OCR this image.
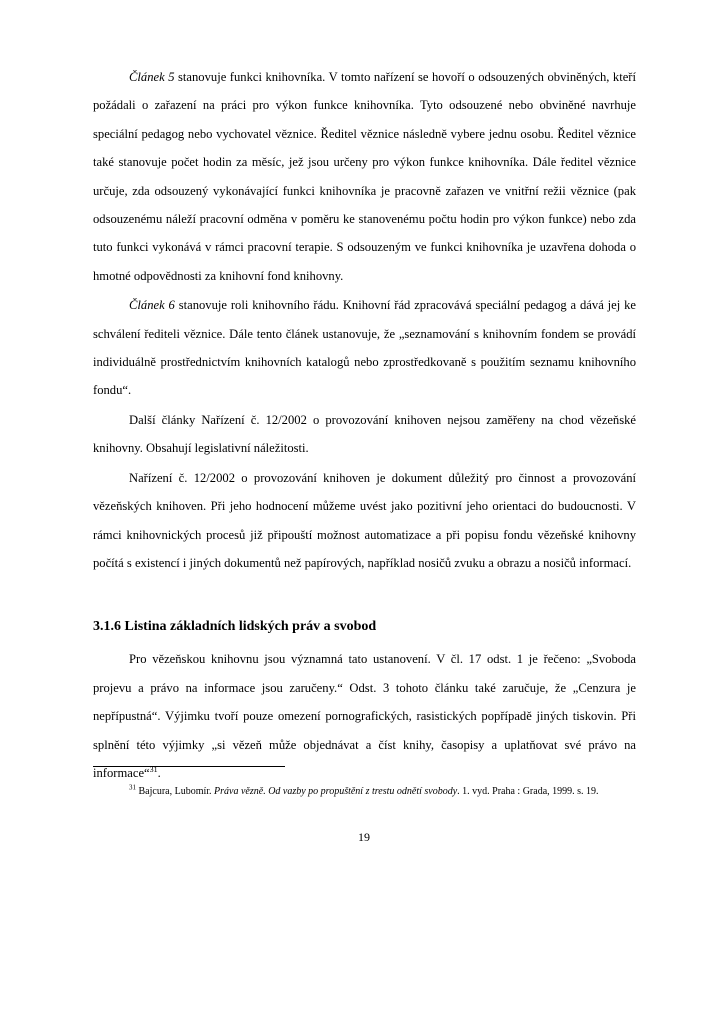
Článek 5 stanovuje funkci knihovníka. V tomto nařízení se hovoří o odsouzených obviněných, kteří požádali o zařazení na práci pro výkon funkce knihovníka. Tyto odsouzené nebo obviněné navrhuje speciální pedagog nebo vychovatel věznice. Ředitel věznice následně vybere jednu osobu. Ředitel věznice také stanovuje počet hodin za měsíc, jež jsou určeny pro výkon funkce knihovníka. Dále ředitel věznice určuje, zda odsouzený vykonávající funkci knihovníka je pracovně zařazen ve vnitřní režii věznice (pak odsouzenému náleží pracovní odměna v poměru ke stanovenému počtu hodin pro výkon funkce) nebo zda tuto funkci vykonává v rámci pracovní terapie. S odsouzeným ve funkci knihovníka je uzavřena dohoda o hmotné odpovědnosti za knihovní fond knihovny.

Článek 6 stanovuje roli knihovního řádu. Knihovní řád zpracovává speciální pedagog a dává jej ke schválení řediteli věznice. Dále tento článek ustanovuje, že „seznamování s knihovním fondem se provádí individuálně prostřednictvím knihovních katalogů nebo zprostředkovaně s použitím seznamu knihovního fondu“.

Další články Nařízení č. 12/2002 o provozování knihoven nejsou zaměřeny na chod vězeňské knihovny. Obsahují legislativní náležitosti.

Nařízení č. 12/2002 o provozování knihoven je dokument důležitý pro činnost a provozování vězeňských knihoven. Při jeho hodnocení můžeme uvést jako pozitivní jeho orientaci do budoucnosti. V rámci knihovnických procesů již připouští možnost automatizace a při popisu fondu vězeňské knihovny počítá s existencí i jiných dokumentů než papírových, například nosičů zvuku a obrazu a nosičů informací.

3.1.6 Listina základních lidských práv a svobod

Pro vězeňskou knihovnu jsou významná tato ustanovení. V čl. 17 odst. 1 je řečeno: „Svoboda projevu a právo na informace jsou zaručeny.“ Odst. 3 tohoto článku také zaručuje, že „Cenzura je nepřípustná“. Výjimku tvoří pouze omezení pornografických, rasistických popřípadě jiných tiskovin. Při splnění této výjimky „si vězeň může objednávat a číst knihy, časopisy a uplatňovat své právo na informace“$^{31}$.

$^{31}$ Bajcura, Lubomír. Práva vězně. Od vazby po propuštění z trestu odnětí svobody. 1. vyd. Praha : Grada, 1999. s. 19.

19
